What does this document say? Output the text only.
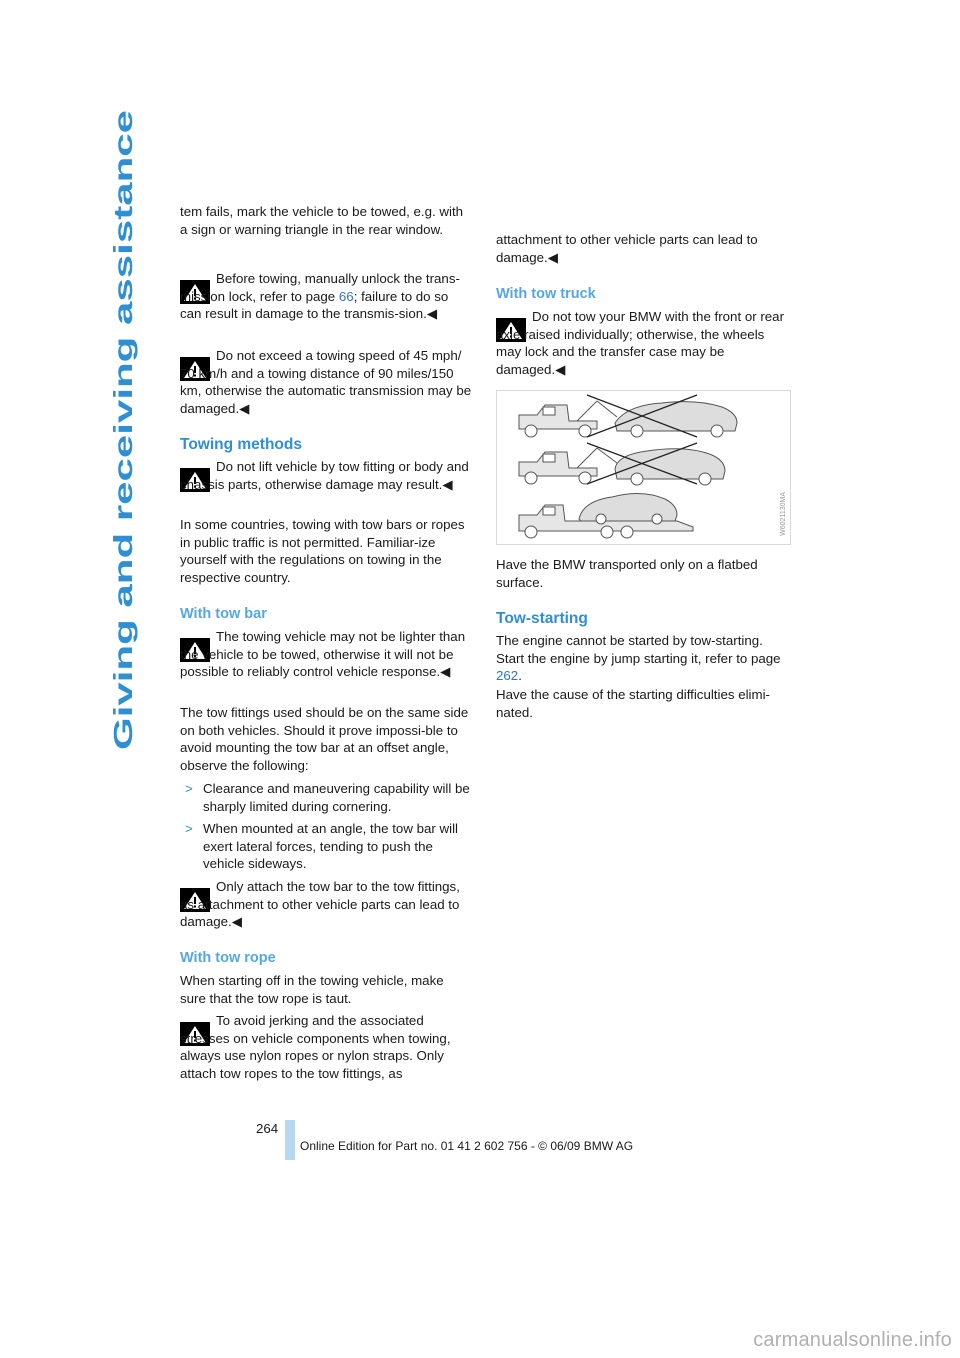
Giving and receiving assistance

tem fails, mark the vehicle to be towed, e.g. with a sign or warning triangle in the rear window.

Before towing, manually unlock the trans-mission lock, refer to page 66; failure to do so can result in damage to the transmis-sion.◀

Do not exceed a towing speed of 45 mph/ 70 km/h and a towing distance of 90 miles/150 km, otherwise the automatic transmission may be damaged.◀

Towing methods

Do not lift vehicle by tow fitting or body and chassis parts, otherwise damage may result.◀

In some countries, towing with tow bars or ropes in public traffic is not permitted. Familiar-ize yourself with the regulations on towing in the respective country.

With tow bar

The towing vehicle may not be lighter than the vehicle to be towed, otherwise it will not be possible to reliably control vehicle response.◀

The tow fittings used should be on the same side on both vehicles. Should it prove impossi-ble to avoid mounting the tow bar at an offset angle, observe the following:

> Clearance and maneuvering capability will be sharply limited during cornering.

> When mounted at an angle, the tow bar will exert lateral forces, tending to push the vehicle sideways.

Only attach the tow bar to the tow fittings, as attachment to other vehicle parts can lead to damage.◀

With tow rope

When starting off in the towing vehicle, make sure that the tow rope is taut.

To avoid jerking and the associated stresses on vehicle components when towing, always use nylon ropes or nylon straps. Only attach tow ropes to the tow fittings, as

attachment to other vehicle parts can lead to damage.◀

With tow truck

Do not tow your BMW with the front or rear axle raised individually; otherwise, the wheels may lock and the transfer case may be damaged.◀

W6021130MA

Have the BMW transported only on a flatbed surface.

Tow-starting

The engine cannot be started by tow-starting. Start the engine by jump starting it, refer to page 262.

Have the cause of the starting difficulties elimi-nated.

264
Online Edition for Part no. 01 41 2 602 756 - © 06/09 BMW AG
carmanualsonline.info
